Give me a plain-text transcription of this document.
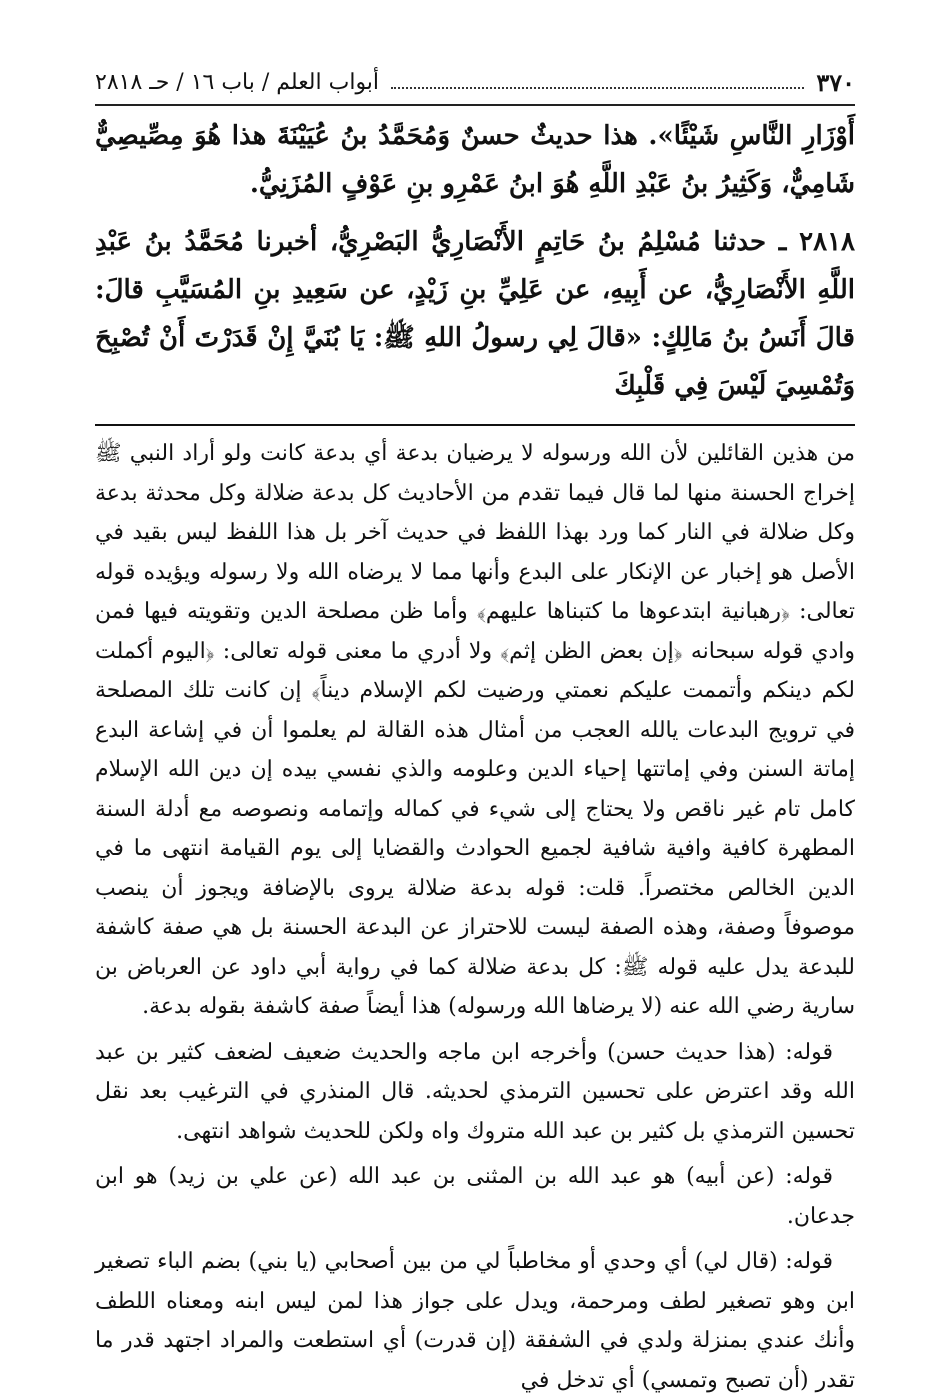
٣٧٠
أبواب العلم / باب ١٦ / حـ ٢٨١٨

أَوْزَارِ النَّاسِ شَيْئًا». هذا حديثٌ حسنٌ وَمُحَمَّدُ بنُ عُيَيْنَةَ هذا هُوَ مِصِّيصِيٌّ شَامِيٌّ، وَكَثِيرُ بنُ عَبْدِ اللَّهِ هُوَ ابنُ عَمْرِو بنِ عَوْفٍ المُزَنِيُّ.

٢٨١٨ ـ حدثنا مُسْلِمُ بنُ حَاتِمٍ الأَنْصَارِيُّ البَصْرِيُّ، أخبرنا مُحَمَّدُ بنُ عَبْدِ اللَّهِ الأَنْصَارِيُّ، عن أَبِيهِ، عن عَلِيِّ بنِ زَيْدٍ، عن سَعِيدِ بنِ المُسَيَّبِ قالَ: قالَ أَنَسُ بنُ مَالِكٍ: «قالَ لِي رسولُ اللهِ ﷺ: يَا بُنَيَّ إِنْ قَدَرْتَ أَنْ تُصْبِحَ وَتُمْسِيَ لَيْسَ فِي قَلْبِكَ

من هذين القائلين لأن الله ورسوله لا يرضيان بدعة أي بدعة كانت ولو أراد النبي ﷺ إخراج الحسنة منها لما قال فيما تقدم من الأحاديث كل بدعة ضلالة وكل محدثة بدعة وكل ضلالة في النار كما ورد بهذا اللفظ في حديث آخر بل هذا اللفظ ليس بقيد في الأصل هو إخبار عن الإنكار على البدع وأنها مما لا يرضاه الله ولا رسوله ويؤيده قوله تعالى: ﴿رهبانية ابتدعوها ما كتبناها عليهم﴾ وأما ظن مصلحة الدين وتقويته فيها فمن وادي قوله سبحانه ﴿إن بعض الظن إثم﴾ ولا أدري ما معنى قوله تعالى: ﴿اليوم أكملت لكم دينكم وأتممت عليكم نعمتي ورضيت لكم الإسلام ديناً﴾ إن كانت تلك المصلحة في ترويج البدعات يالله العجب من أمثال هذه القالة لم يعلموا أن في إشاعة البدع إماتة السنن وفي إماتتها إحياء الدين وعلومه والذي نفسي بيده إن دين الله الإسلام كامل تام غير ناقص ولا يحتاج إلى شيء في كماله وإتمامه ونصوصه مع أدلة السنة المطهرة كافية وافية شافية لجميع الحوادث والقضايا إلى يوم القيامة انتهى ما في الدين الخالص مختصراً. قلت: قوله بدعة ضلالة يروى بالإضافة ويجوز أن ينصب موصوفاً وصفة، وهذه الصفة ليست للاحتراز عن البدعة الحسنة بل هي صفة كاشفة للبدعة يدل عليه قوله ﷺ: كل بدعة ضلالة كما في رواية أبي داود عن العرباض بن سارية رضي الله عنه (لا يرضاها الله ورسوله) هذا أيضاً صفة كاشفة بقوله بدعة.

قوله: (هذا حديث حسن) وأخرجه ابن ماجه والحديث ضعيف لضعف كثير بن عبد الله وقد اعترض على تحسين الترمذي لحديثه. قال المنذري في الترغيب بعد نقل تحسين الترمذي بل كثير بن عبد الله متروك واه ولكن للحديث شواهد انتهى.

قوله: (عن أبيه) هو عبد الله بن المثنى بن عبد الله (عن علي بن زيد) هو ابن جدعان.

قوله: (قال لي) أي وحدي أو مخاطباً لي من بين أصحابي (يا بني) بضم الباء تصغير ابن وهو تصغير لطف ومرحمة، ويدل على جواز هذا لمن ليس ابنه ومعناه اللطف وأنك عندي بمنزلة ولدي في الشفقة (إن قدرت) أي استطعت والمراد اجتهد قدر ما تقدر (أن تصبح وتمسي) أي تدخل في
